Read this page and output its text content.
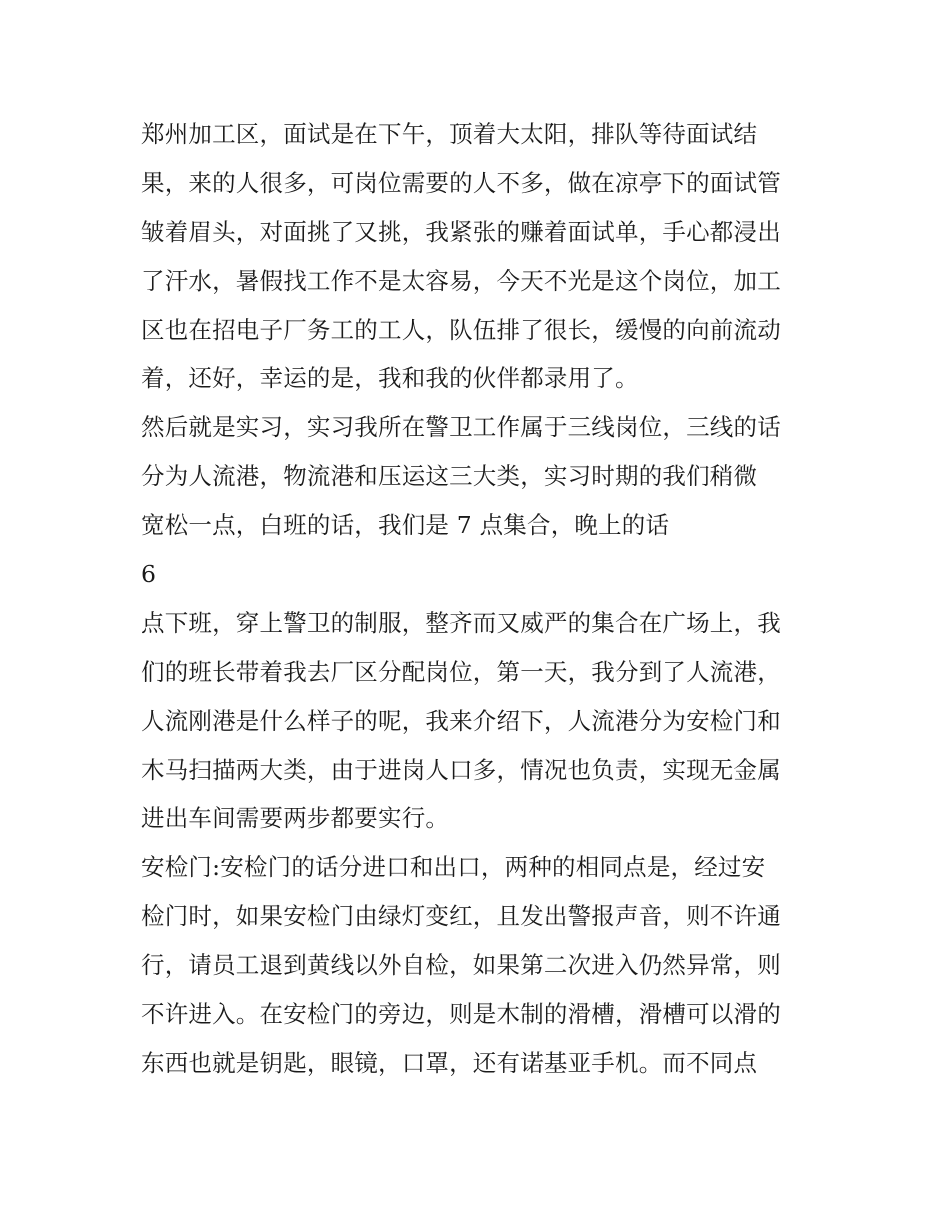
郑州加工区，面试是在下午，顶着大太阳，排队等待面试结
果，来的人很多，可岗位需要的人不多，做在凉亭下的面试管
皱着眉头，对面挑了又挑，我紧张的赚着面试单，手心都浸出
了汗水，暑假找工作不是太容易，今天不光是这个岗位，加工
区也在招电子厂务工的工人，队伍排了很长，缓慢的向前流动
着，还好，幸运的是，我和我的伙伴都录用了。
然后就是实习，实习我所在警卫工作属于三线岗位，三线的话
分为人流港，物流港和压运这三大类，实习时期的我们稍微
宽松一点，白班的话，我们是 7 点集合，晚上的话
6
点下班，穿上警卫的制服，整齐而又威严的集合在广场上，我
们的班长带着我去厂区分配岗位，第一天，我分到了人流港，
人流刚港是什么样子的呢，我来介绍下，人流港分为安检门和
木马扫描两大类，由于进岗人口多，情况也负责，实现无金属
进出车间需要两步都要实行。
安检门:安检门的话分进口和出口，两种的相同点是，经过安
检门时，如果安检门由绿灯变红，且发出警报声音，则不许通
行，请员工退到黄线以外自检，如果第二次进入仍然异常，则
不许进入。在安检门的旁边，则是木制的滑槽，滑槽可以滑的
东西也就是钥匙，眼镜，口罩，还有诺基亚手机。而不同点
